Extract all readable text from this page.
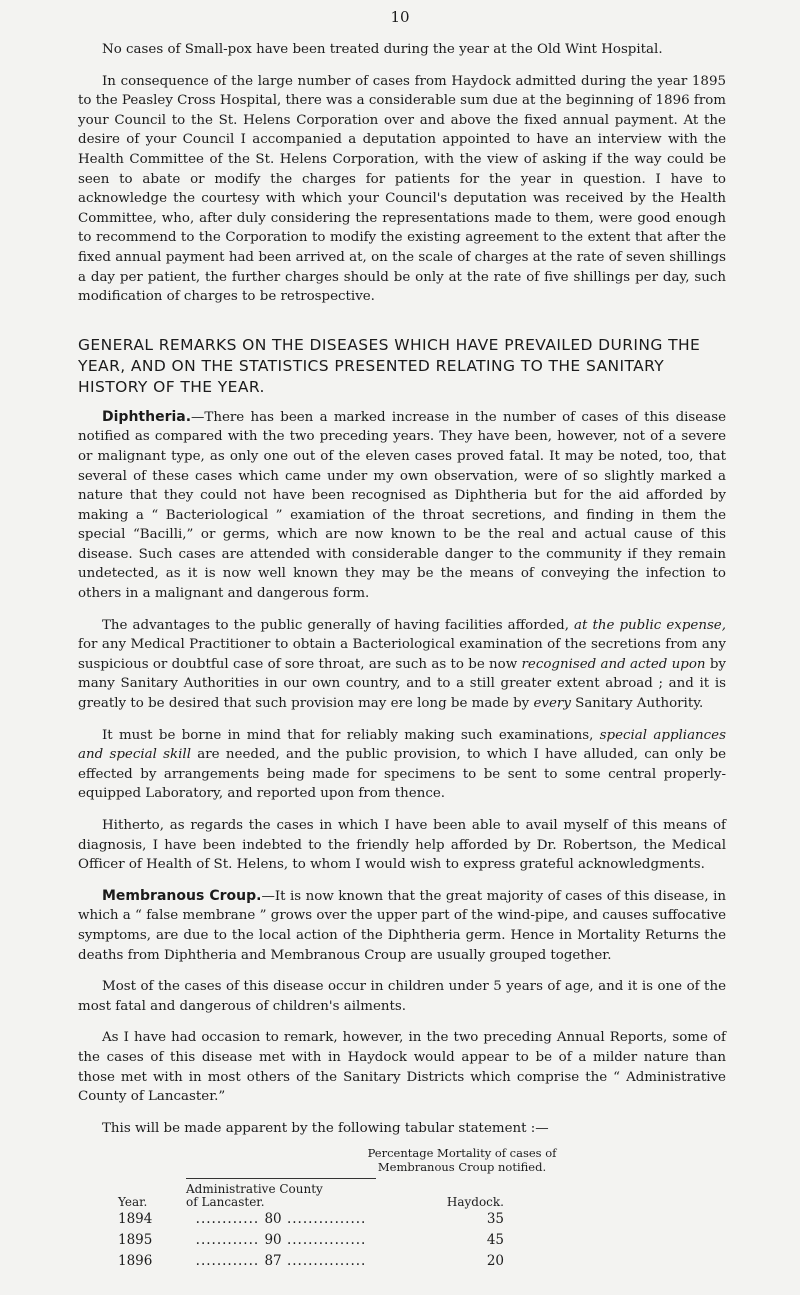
10

No cases of Small-pox have been treated during the year at the Old Wint Hospital.

In consequence of the large number of cases from Haydock admitted during the year 1895 to the Peasley Cross Hospital, there was a considerable sum due at the beginning of 1896 from your Council to the St. Helens Corporation over and above the fixed annual payment. At the desire of your Council I accompanied a deputation appointed to have an interview with the Health Committee of the St. Helens Corporation, with the view of asking if the way could be seen to abate or modify the charges for patients for the year in question. I have to acknowledge the courtesy with which your Council's deputation was received by the Health Committee, who, after duly considering the representations made to them, were good enough to recommend to the Corporation to modify the existing agreement to the extent that after the fixed annual payment had been arrived at, on the scale of charges at the rate of seven shillings a day per patient, the further charges should be only at the rate of five shillings per day, such modification of charges to be retrospective.

GENERAL REMARKS ON THE DISEASES WHICH HAVE PREVAILED DURING THE YEAR, AND ON THE STATISTICS PRESENTED RELATING TO THE SANITARY HISTORY OF THE YEAR.

Diphtheria.—There has been a marked increase in the number of cases of this disease notified as compared with the two preceding years. They have been, however, not of a severe or malignant type, as only one out of the eleven cases proved fatal. It may be noted, too, that several of these cases which came under my own observation, were of so slightly marked a nature that they could not have been recognised as Diphtheria but for the aid afforded by making a “ Bacteriological ” examiation of the throat secretions, and finding in them the special “Bacilli,” or germs, which are now known to be the real and actual cause of this disease. Such cases are attended with considerable danger to the community if they remain undetected, as it is now well known they may be the means of conveying the infection to others in a malignant and dangerous form.

The advantages to the public generally of having facilities afforded, at the public expense, for any Medical Practitioner to obtain a Bacteriological examination of the secretions from any suspicious or doubtful case of sore throat, are such as to be now recognised and acted upon by many Sanitary Authorities in our own country, and to a still greater extent abroad ; and it is greatly to be desired that such provision may ere long be made by every Sanitary Authority.

It must be borne in mind that for reliably making such examinations, special appliances and special skill are needed, and the public provision, to which I have alluded, can only be effected by arrangements being made for specimens to be sent to some central properly-equipped Laboratory, and reported upon from thence.

Hitherto, as regards the cases in which I have been able to avail myself of this means of diagnosis, I have been indebted to the friendly help afforded by Dr. Robertson, the Medical Officer of Health of St. Helens, to whom I would wish to express grateful acknowledgments.

Membranous Croup.—It is now known that the great majority of cases of this disease, in which a “ false membrane ” grows over the upper part of the wind-pipe, and causes suffocative symptoms, are due to the local action of the Diphtheria germ. Hence in Mortality Returns the deaths from Diphtheria and Membranous Croup are usually grouped together.

Most of the cases of this disease occur in children under 5 years of age, and it is one of the most fatal and dangerous of children's ailments.

As I have had occasion to remark, however, in the two preceding Annual Reports, some of the cases of this disease met with in Haydock would appear to be of a milder nature than those met with in most others of the Sanitary Districts which comprise the “ Administrative County of Lancaster.”

This will be made apparent by the following tabular statement :—

Percentage Mortality of cases of
Membranous Croup notified.
Year.	Administrative County
of Lancaster.	Haydock.
1894	............ 80 ...............	35
1895	............ 90 ...............	45
1896	............ 87 ...............	20
